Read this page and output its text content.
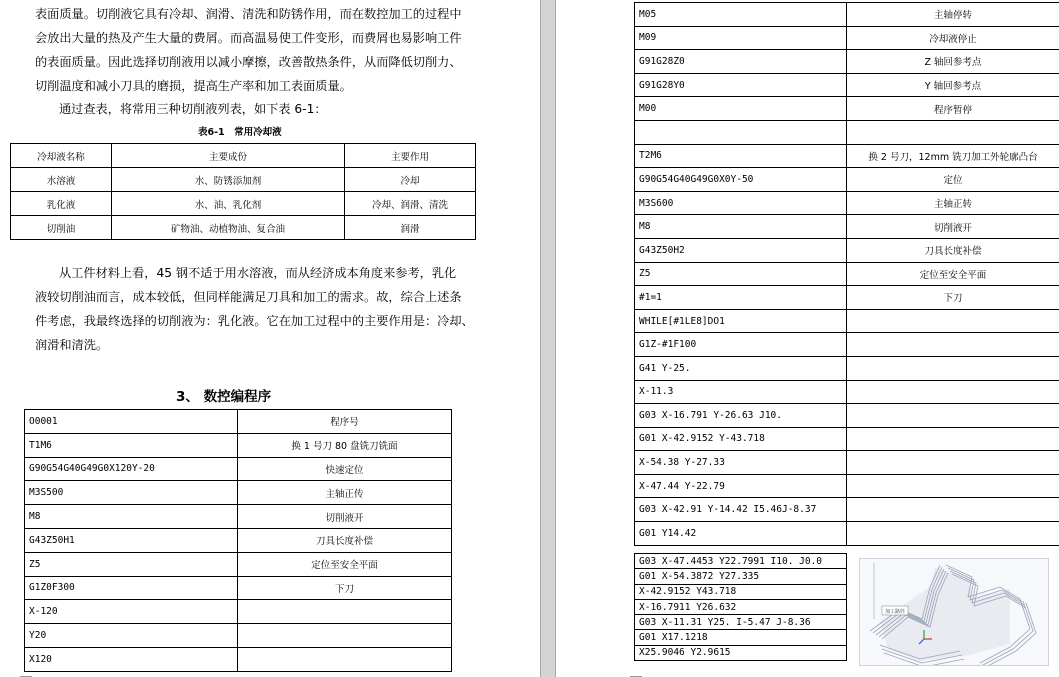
表面质量。切削液它具有冷却、润滑、清洗和防锈作用，而在数控加工的过程中
会放出大量的热及产生大量的费屑。而高温易使工件变形，而费屑也易影响工件
的表面质量。因此选择切削液用以减小摩擦，改善散热条件，从而降低切削力、
切削温度和减小刀具的磨损，提高生产率和加工表面质量。
通过查表，将常用三种切削液列表，如下表 6-1：
表6-1　常用冷却液
冷却液名称	主要成份	主要作用
水溶液	水、防锈添加剂	冷却
乳化液	水、油、乳化剂	冷却、润滑、清洗
切削油	矿物油、动植物油、复合油	润滑
从工件材料上看，45 钢不适于用水溶液，而从经济成本角度来参考，乳化
液较切削油而言，成本较低，但同样能满足刀具和加工的需求。故，综合上述条
件考虑，我最终选择的切削液为：乳化液。它在加工过程中的主要作用是：冷却、
润滑和清洗。
3、 数控编程序
O0001	程序号
T1M6	换 1 号刀 80 盘铣刀铣面
G90G54G40G49G0X120Y-20	快速定位
M3S500	主轴正传
M8	切削液开
G43Z50H1	刀具长度补偿
Z5	定位至安全平面
G1Z0F300	下刀
X-120	
Y20	
X120	
M05	主轴停转
M09	冷却液停止
G91G28Z0	Z 轴回参考点
G91G28Y0	Y 轴回参考点
M00	程序暂停

T2M6	换 2 号刀，12mm 铣刀加工外轮廓凸台
G90G54G40G49G0X0Y-50	定位
M3S600	主轴正转
M8	切削液开
G43Z50H2	刀具长度补偿
Z5	定位至安全平面
#1=1	下刀
WHILE[#1LE8]DO1	
G1Z-#1F100	
G41 Y-25.	
X-11.3	
G03 X-16.791 Y-26.63 J10.	
G01 X-42.9152 Y-43.718	
X-54.38 Y-27.33	
X-47.44 Y-22.79	
G03 X-42.91 Y-14.42 I5.46J-8.37	
G01 Y14.42	
G03 X-47.4453 Y22.7991 I10. J0.0
G01 X-54.3872 Y27.335
X-42.9152 Y43.718
X-16.7911 Y26.632
G03 X-11.31 Y25. I-5.47 J-8.36
G01 X17.1218
X25.9046 Y2.9615
加工路径
